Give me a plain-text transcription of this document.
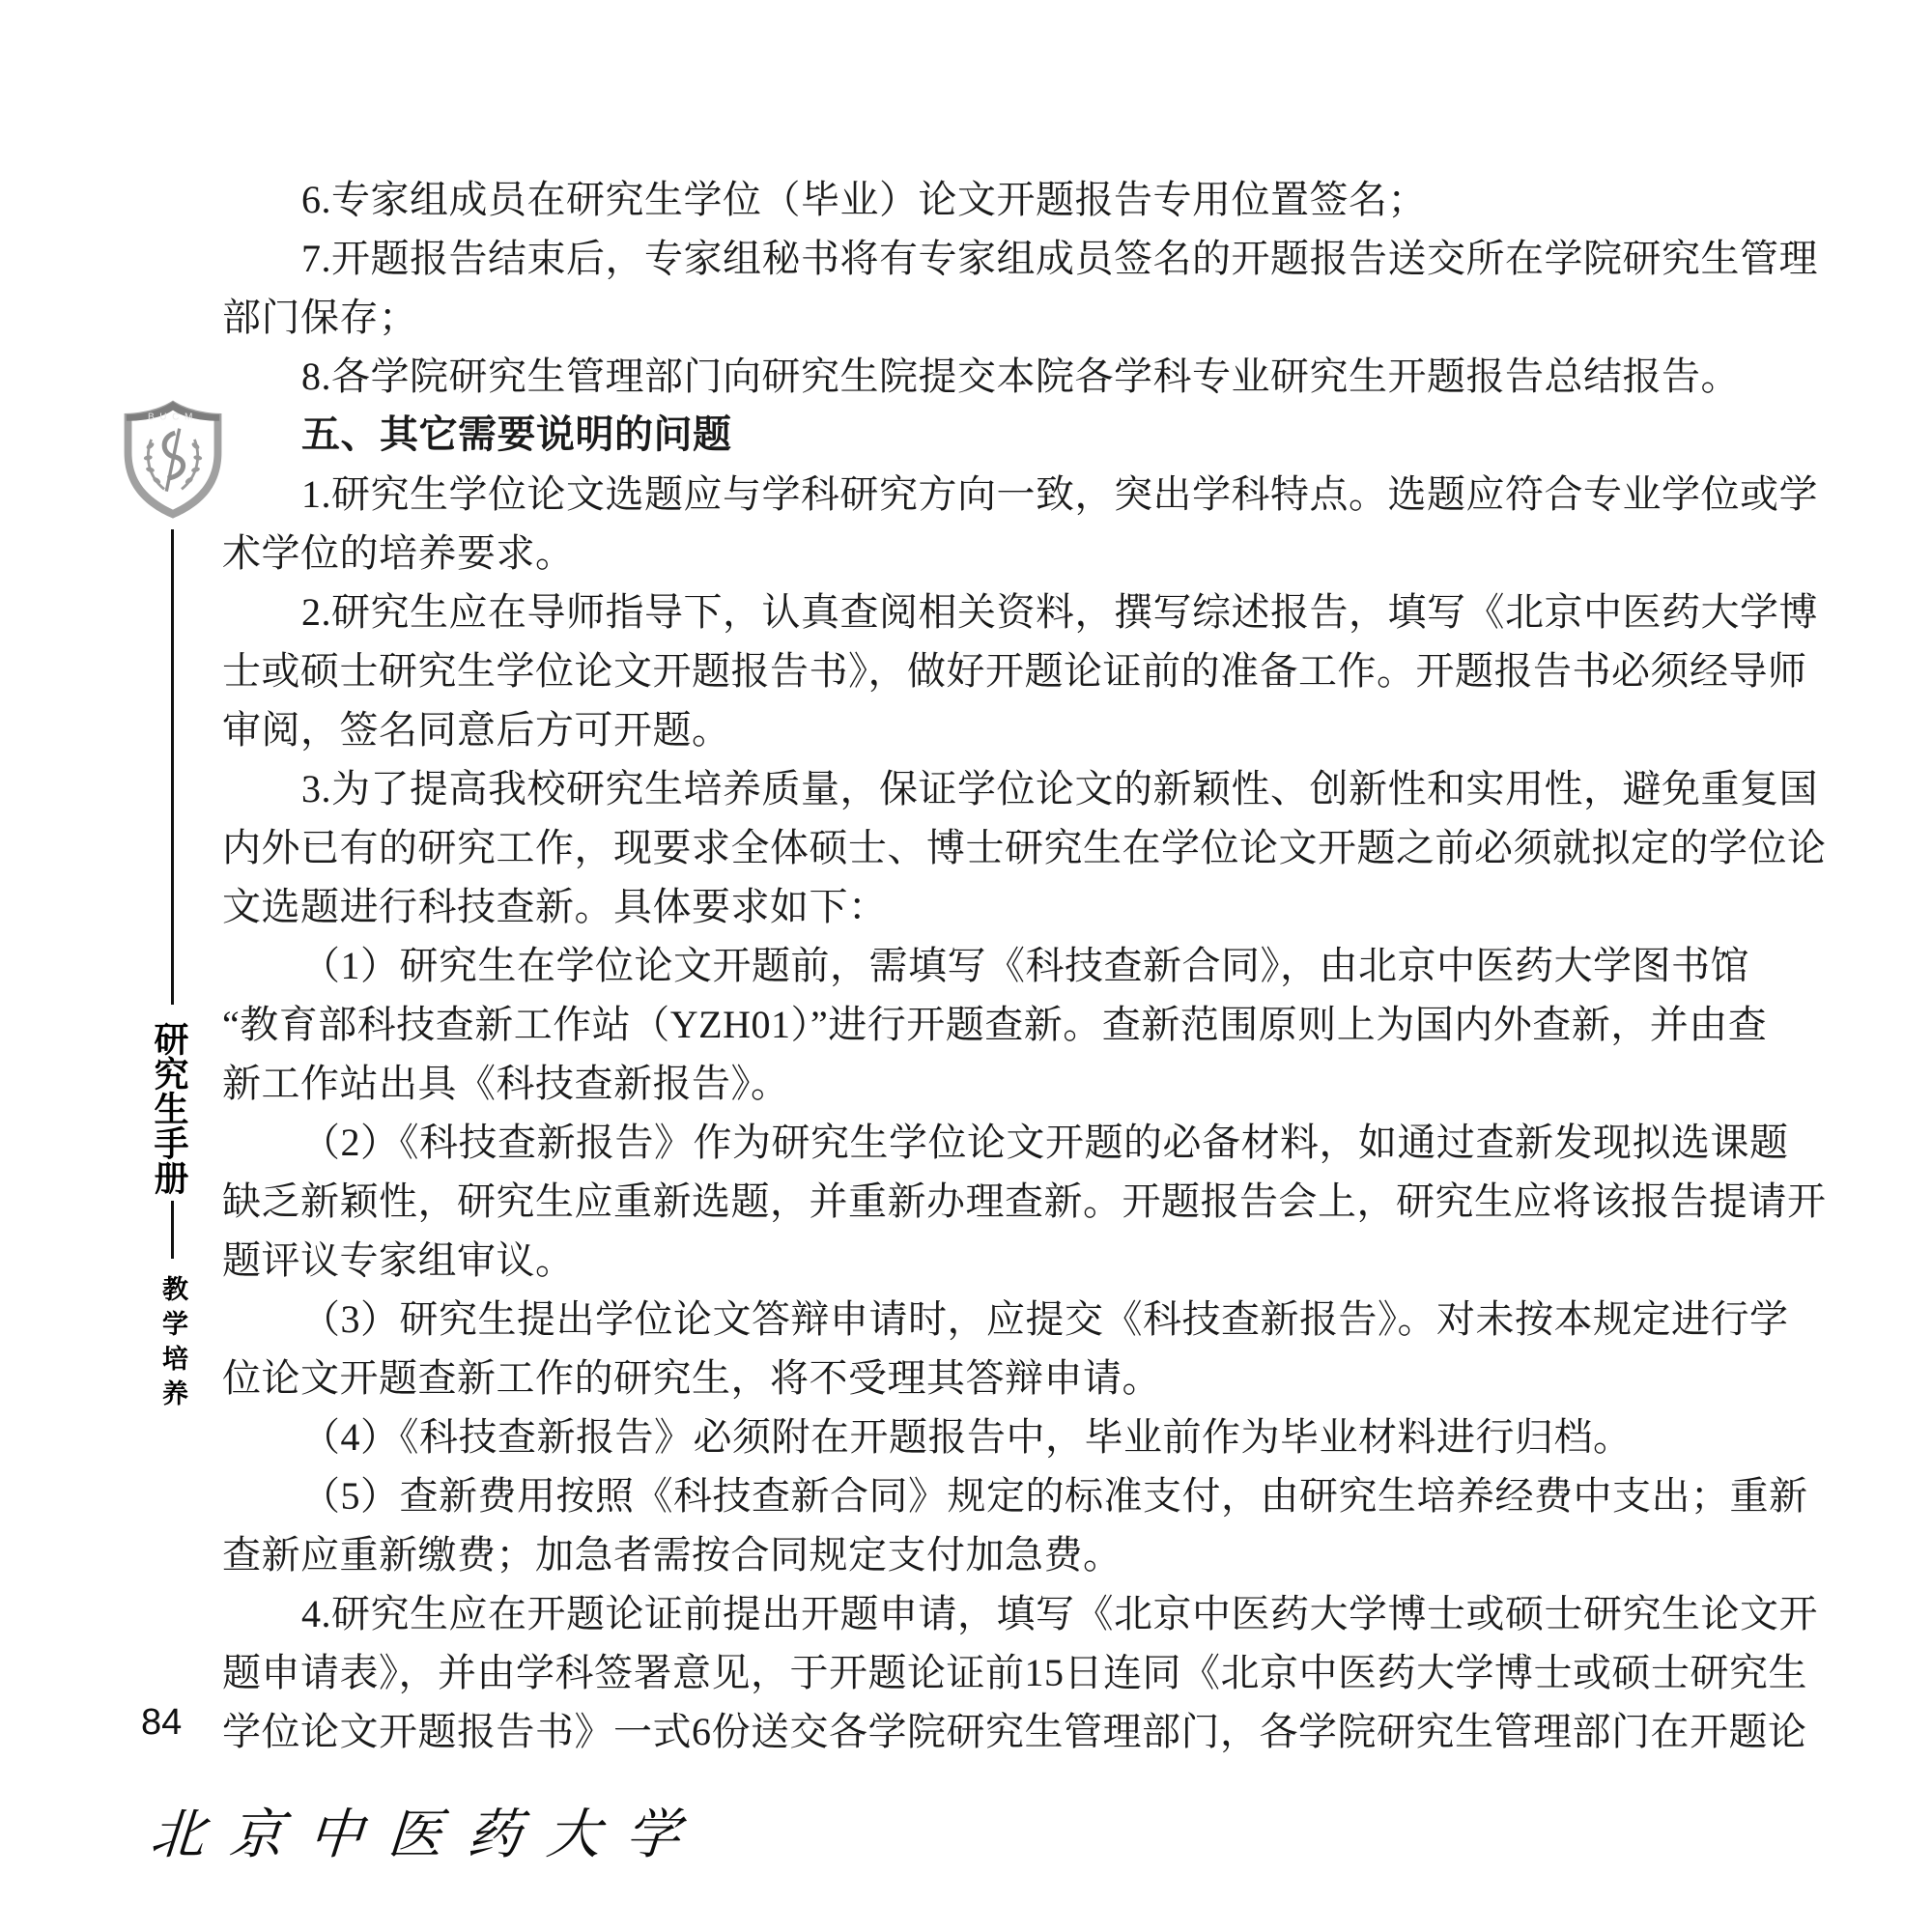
BUCM
研究生手册
教学培养
84
6.专家组成员在研究生学位（毕业）论文开题报告专用位置签名；
7.开题报告结束后，专家组秘书将有专家组成员签名的开题报告送交所在学院研究生管理
部门保存；
8.各学院研究生管理部门向研究生院提交本院各学科专业研究生开题报告总结报告。
五、其它需要说明的问题
1.研究生学位论文选题应与学科研究方向一致，突出学科特点。选题应符合专业学位或学
术学位的培养要求。
2.研究生应在导师指导下，认真查阅相关资料，撰写综述报告，填写《北京中医药大学博
士或硕士研究生学位论文开题报告书》，做好开题论证前的准备工作。开题报告书必须经导师
审阅，签名同意后方可开题。
3.为了提高我校研究生培养质量，保证学位论文的新颖性、创新性和实用性，避免重复国
内外已有的研究工作，现要求全体硕士、博士研究生在学位论文开题之前必须就拟定的学位论
文选题进行科技查新。具体要求如下：
（1）研究生在学位论文开题前，需填写《科技查新合同》，由北京中医药大学图书馆
“教育部科技查新工作站（YZH01）”进行开题查新。查新范围原则上为国内外查新，并由查
新工作站出具《科技查新报告》。
（2）《科技查新报告》作为研究生学位论文开题的必备材料，如通过查新发现拟选课题
缺乏新颖性，研究生应重新选题，并重新办理查新。开题报告会上，研究生应将该报告提请开
题评议专家组审议。
（3）研究生提出学位论文答辩申请时，应提交《科技查新报告》。对未按本规定进行学
位论文开题查新工作的研究生，将不受理其答辩申请。
（4）《科技查新报告》必须附在开题报告中，毕业前作为毕业材料进行归档。
（5）查新费用按照《科技查新合同》规定的标准支付，由研究生培养经费中支出；重新
查新应重新缴费；加急者需按合同规定支付加急费。
4.研究生应在开题论证前提出开题申请，填写《北京中医药大学博士或硕士研究生论文开
题申请表》，并由学科签署意见，于开题论证前15日连同《北京中医药大学博士或硕士研究生
学位论文开题报告书》一式6份送交各学院研究生管理部门，各学院研究生管理部门在开题论
北京中医药大学
